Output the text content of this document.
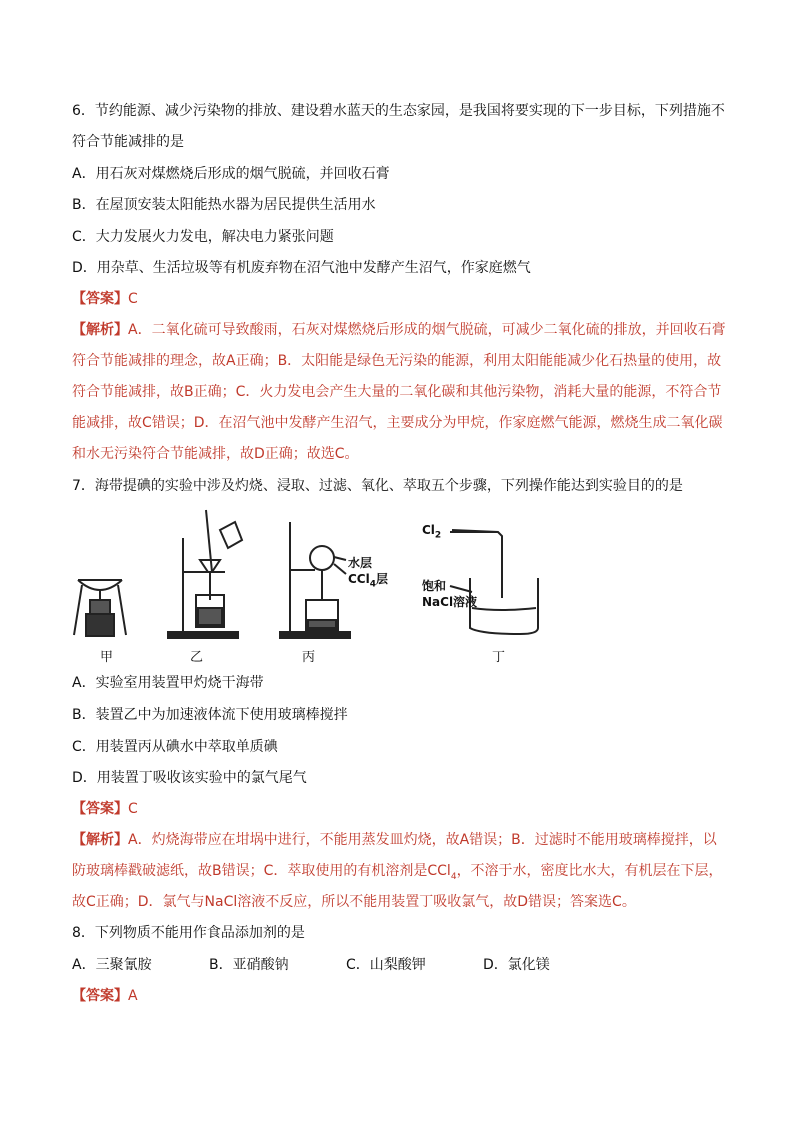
6．节约能源、减少污染物的排放、建设碧水蓝天的生态家园，是我国将要实现的下一步目标，下列措施不
符合节能减排的是
A．用石灰对煤燃烧后形成的烟气脱硫，并回收石膏
B．在屋顶安装太阳能热水器为居民提供生活用水
C．大力发展火力发电，解决电力紧张问题
D．用杂草、生活垃圾等有机废弃物在沼气池中发酵产生沼气，作家庭燃气
【答案】C
【解析】A．二氧化硫可导致酸雨，石灰对煤燃烧后形成的烟气脱硫，可减少二氧化硫的排放，并回收石膏
符合节能减排的理念，故A正确；B．太阳能是绿色无污染的能源，利用太阳能能减少化石热量的使用，故
符合节能减排，故B正确；C．火力发电会产生大量的二氧化碳和其他污染物，消耗大量的能源，不符合节
能减排，故C错误；D．在沼气池中发酵产生沼气，主要成分为甲烷，作家庭燃气能源，燃烧生成二氧化碳
和水无污染符合节能减排，故D正确；故选C。
7．海带提碘的实验中涉及灼烧、浸取、过滤、氧化、萃取五个步骤，下列操作能达到实验目的的是
甲	乙	丙	丁
水层
CCl$_4$层
$Cl_2$
饱和
NaCl溶液
A．实验室用装置甲灼烧干海带
B．装置乙中为加速液体流下使用玻璃棒搅拌
C．用装置丙从碘水中萃取单质碘
D．用装置丁吸收该实验中的氯气尾气
【答案】C
【解析】A．灼烧海带应在坩埚中进行，不能用蒸发皿灼烧，故A错误；B．过滤时不能用玻璃棒搅拌，以
防玻璃棒戳破滤纸，故B错误；C．萃取使用的有机溶剂是CCl$_4$，不溶于水，密度比水大，有机层在下层，
故C正确；D．氯气与NaCl溶液不反应，所以不能用装置丁吸收氯气，故D错误；答案选C。
8．下列物质不能用作食品添加剂的是
A．三聚氰胺	B．亚硝酸钠	C．山梨酸钾	D．氯化镁
【答案】A
